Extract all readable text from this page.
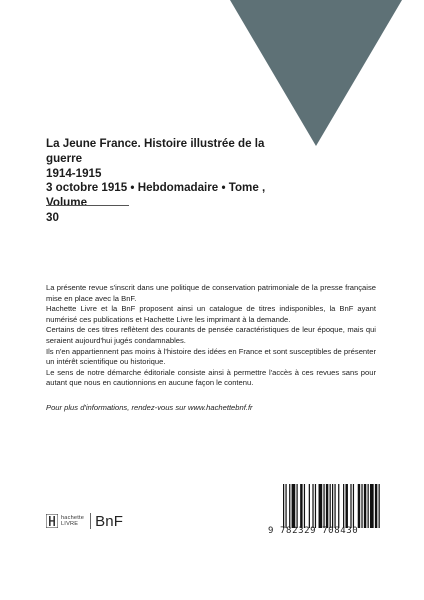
La Jeune France. Histoire illustrée de la guerre
1914-1915
3 octobre 1915 • Hebdomadaire • Tome , Volume
30

La présente revue s'inscrit dans une politique de conservation patrimoniale de la presse française mise en place avec la BnF.

Hachette Livre et la BnF proposent ainsi un catalogue de titres indisponibles, la BnF ayant numérisé ces publications et Hachette Livre les imprimant à la demande.

Certains de ces titres reflètent des courants de pensée caractéristiques de leur époque, mais qui seraient aujourd'hui jugés condamnables.

Ils n'en appartiennent pas moins à l'histoire des idées en France et sont susceptibles de présenter un intérêt scientifique ou historique.

Le sens de notre démarche éditoriale consiste ainsi à permettre l'accès à ces revues sans pour autant que nous en cautionnions en aucune façon le contenu.

Pour plus d'informations, rendez-vous sur www.hachettebnf.fr

hachette
LIVRE	BnF
9 782329 708430
